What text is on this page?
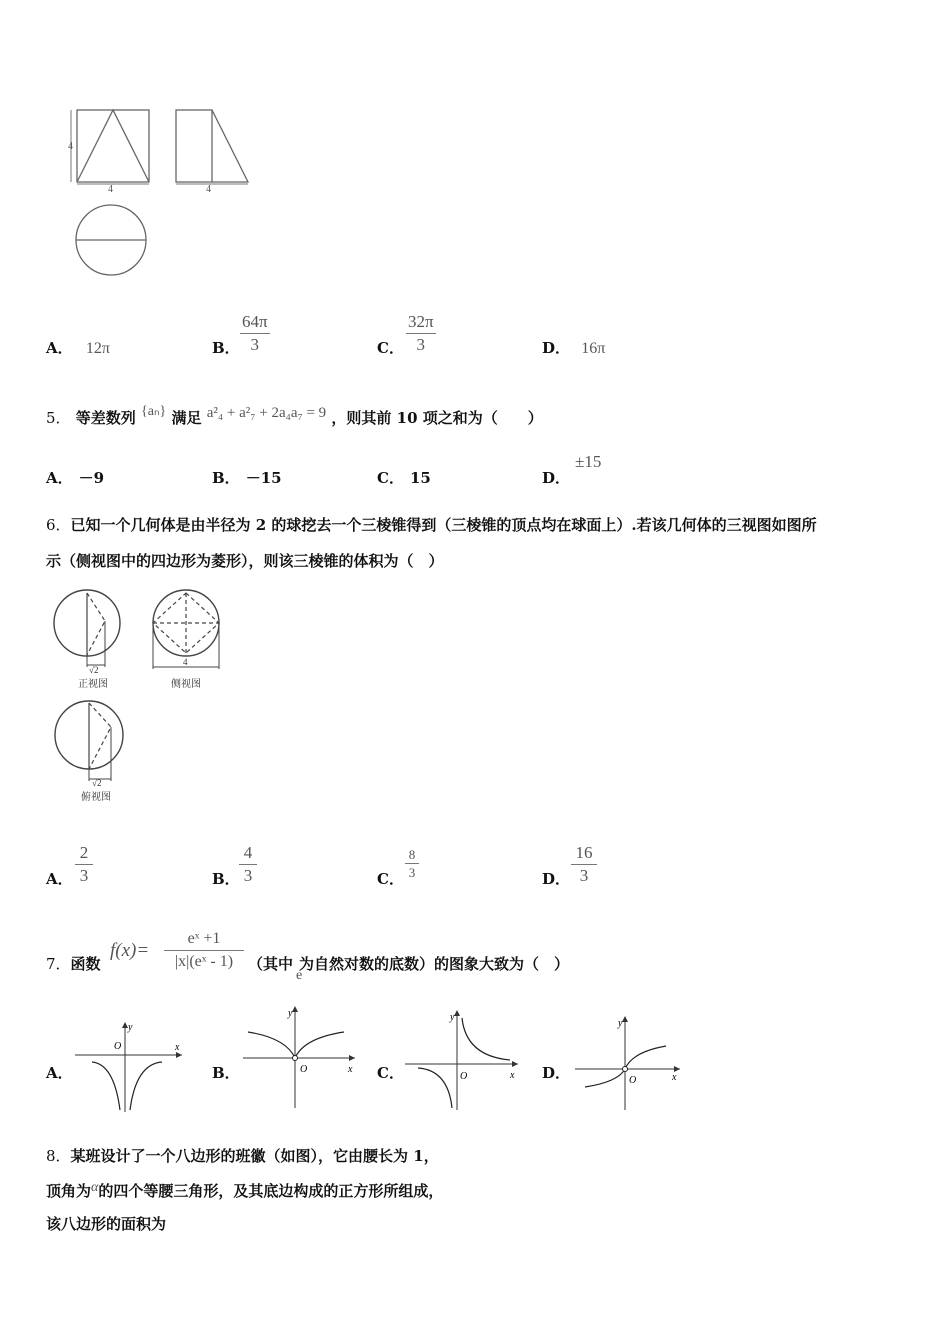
4
4	4
A． 12π	B．
64π
3	C．
32π
3	D． 16π
5． 等差数列 {aₙ} 满足 a²₄ + a²₇ + 2a₄a₇ = 9 ，则其前 10 项之和为（　　）
A． －9	B． －15	C． 15	D．
±15
6．已知一个几何体是由半径为 2 的球挖去一个三棱锥得到（三棱锥的顶点均在球面上）.若该几何体的三视图如图所
示（侧视图中的四边形为菱形），则该三棱锥的体积为（　）
√2
正视图
4
侧视图
√2
俯视图
A．
2
3	B．
4
3	C．
8
3	D．
16
3
7．函数
f(x)=
eˣ +1
|x|(eˣ - 1) （其中 为自然对数的底数）的图象大致为（　）
e
A．
y
x
O
B．
y
x
O	C．
y
x
O	D．
y
x
O
8．某班设计了一个八边形的班徽（如图），它由腰长为 1，
顶角为α的四个等腰三角形，及其底边构成的正方形所组成，
该八边形的面积为
